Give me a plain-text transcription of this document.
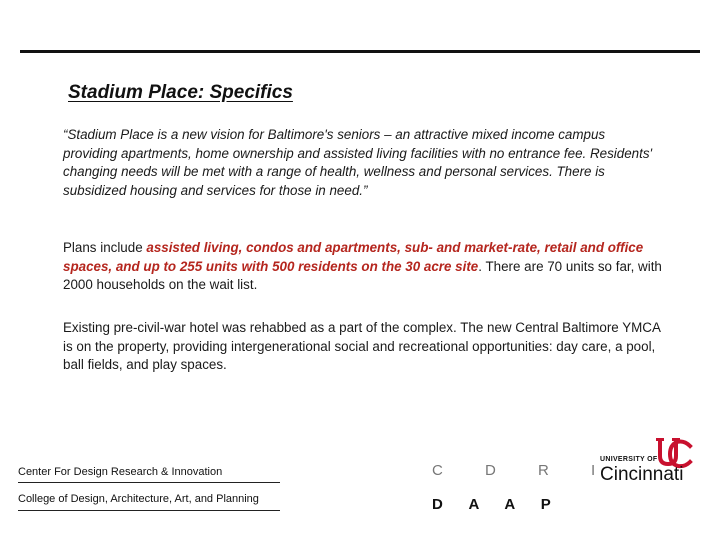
Stadium Place: Specifics

“Stadium Place is a new vision for Baltimore's seniors – an attractive mixed income campus providing apartments, home ownership and assisted living facilities with no entrance fee. Residents' changing needs will be met with a range of health, wellness and personal services. There is subsidized housing and services for those in need.”

Plans include assisted living, condos and apartments, sub- and market-rate, retail and office spaces, and up to 255 units with 500 residents on the 30 acre site. There are 70 units so far, with 2000 households on the wait list.

Existing pre-civil-war hotel was rehabbed as a part of the complex. The new Central Baltimore YMCA is on the property, providing intergenerational social and recreational opportunities: day care, a pool, ball fields, and play spaces.

Center For Design Research & Innovation
College of Design, Architecture, Art, and Planning
C D R I
D A A P
UNIVERSITY OF
Cincinnati
